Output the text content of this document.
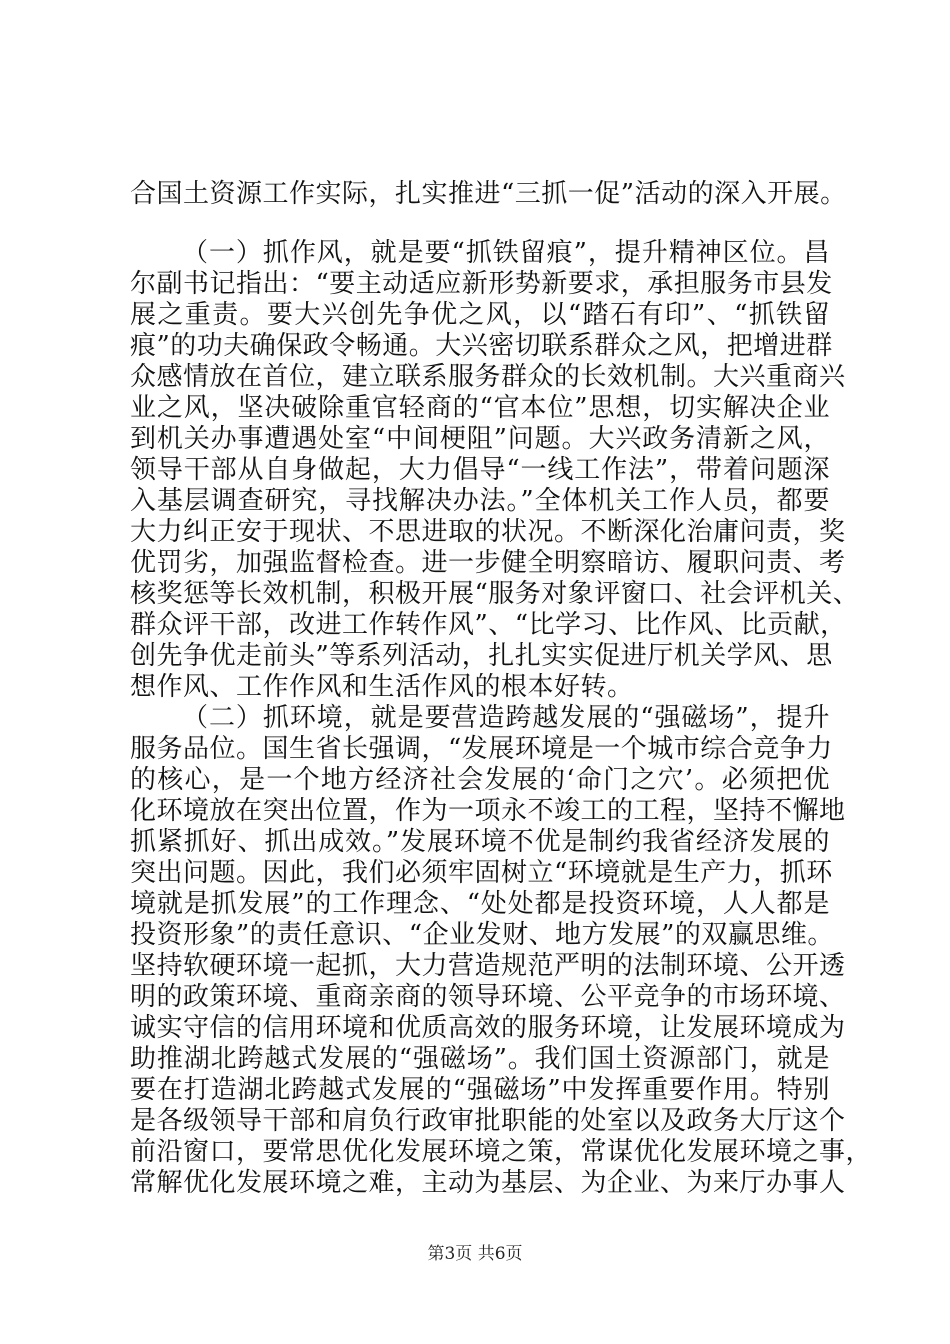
合国土资源工作实际，扎实推进“三抓一促”活动的深入开展。
（一）抓作风，就是要“抓铁留痕”，提升精神区位。昌
尔副书记指出：“要主动适应新形势新要求，承担服务市县发
展之重责。要大兴创先争优之风，以“踏石有印”、“抓铁留
痕”的功夫确保政令畅通。大兴密切联系群众之风，把增进群
众感情放在首位，建立联系服务群众的长效机制。大兴重商兴
业之风，坚决破除重官轻商的“官本位”思想，切实解决企业
到机关办事遭遇处室“中间梗阻”问题。大兴政务清新之风，
领导干部从自身做起，大力倡导“一线工作法”，带着问题深
入基层调查研究，寻找解决办法。”全体机关工作人员，都要
大力纠正安于现状、不思进取的状况。不断深化治庸问责，奖
优罚劣，加强监督检查。进一步健全明察暗访、履职问责、考
核奖惩等长效机制，积极开展“服务对象评窗口、社会评机关、
群众评干部，改进工作转作风”、“比学习、比作风、比贡献，
创先争优走前头”等系列活动，扎扎实实促进厅机关学风、思
想作风、工作作风和生活作风的根本好转。
（二）抓环境，就是要营造跨越发展的“强磁场”，提升
服务品位。国生省长强调，“发展环境是一个城市综合竞争力
的核心，是一个地方经济社会发展的‘命门之穴’。必须把优
化环境放在突出位置，作为一项永不竣工的工程，坚持不懈地
抓紧抓好、抓出成效。”发展环境不优是制约我省经济发展的
突出问题。因此，我们必须牢固树立“环境就是生产力，抓环
境就是抓发展”的工作理念、“处处都是投资环境，人人都是
投资形象”的责任意识、“企业发财、地方发展”的双赢思维。
坚持软硬环境一起抓，大力营造规范严明的法制环境、公开透
明的政策环境、重商亲商的领导环境、公平竞争的市场环境、
诚实守信的信用环境和优质高效的服务环境，让发展环境成为
助推湖北跨越式发展的“强磁场”。我们国土资源部门，就是
要在打造湖北跨越式发展的“强磁场”中发挥重要作用。特别
是各级领导干部和肩负行政审批职能的处室以及政务大厅这个
前沿窗口，要常思优化发展环境之策，常谋优化发展环境之事，
常解优化发展环境之难，主动为基层、为企业、为来厅办事人
第3页 共6页
